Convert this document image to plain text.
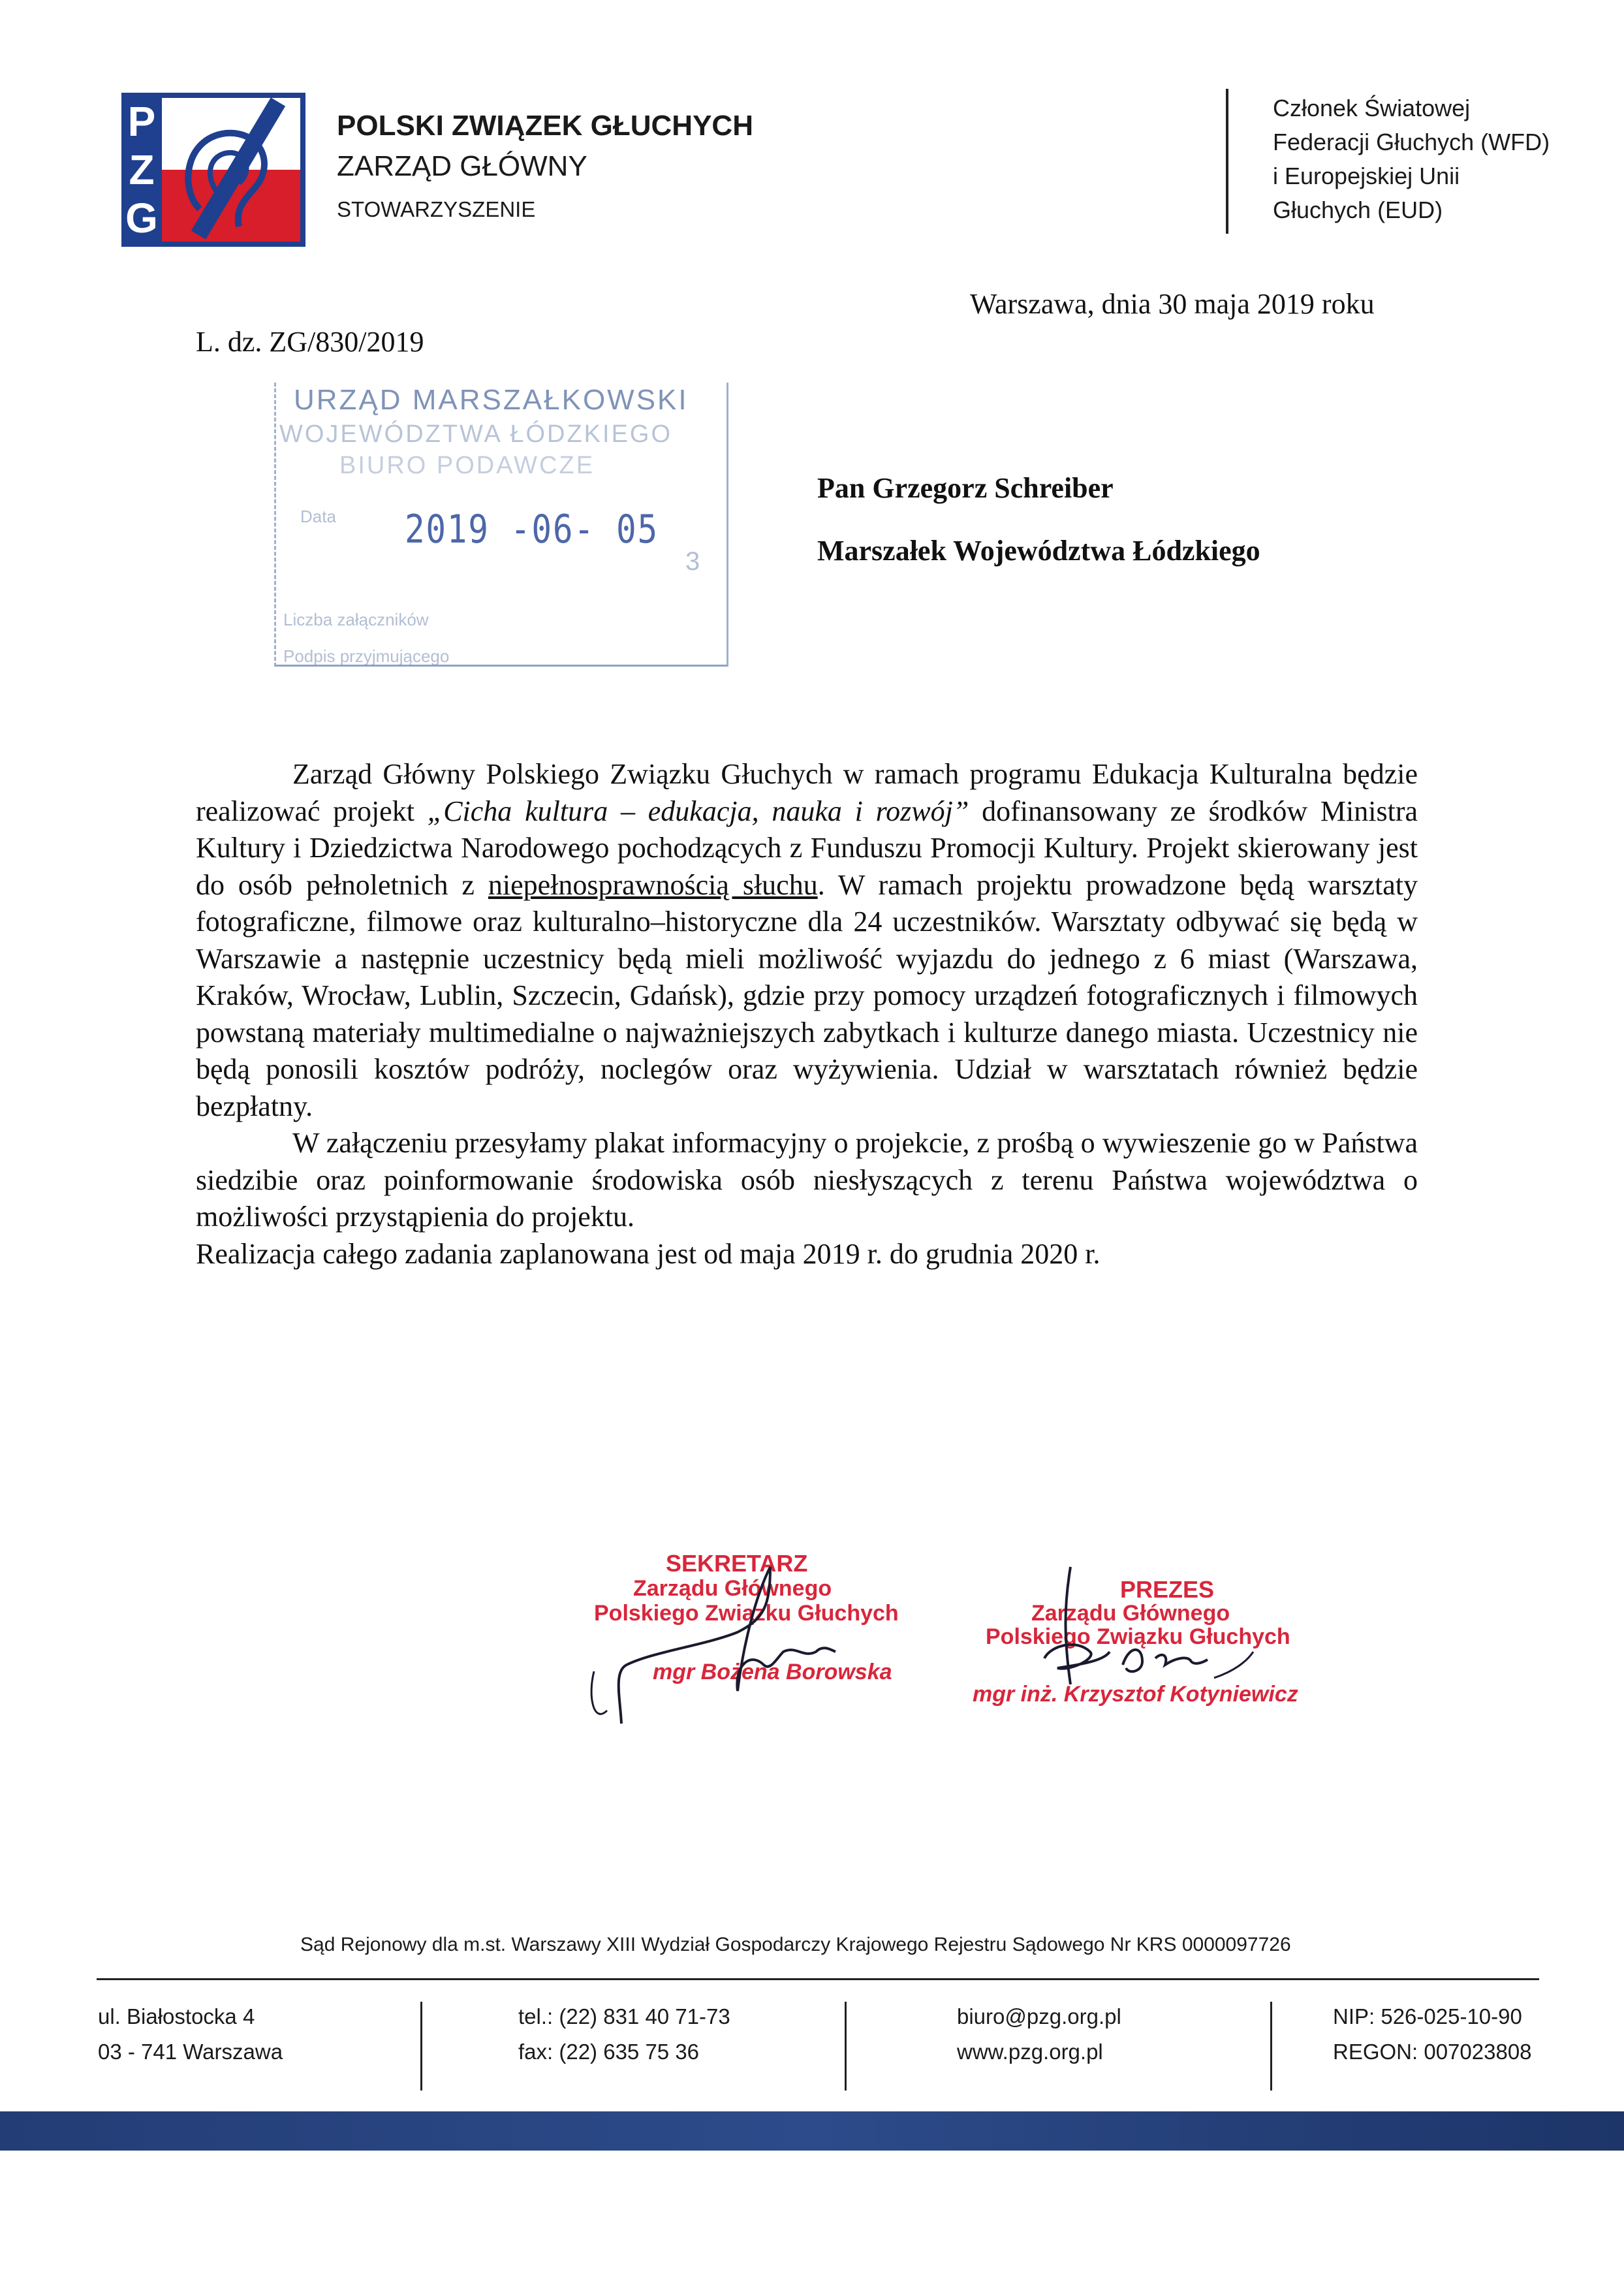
P
Z
G
POLSKI ZWIĄZEK GŁUCHYCH
ZARZĄD GŁÓWNY
STOWARZYSZENIE
Członek Światowej
Federacji Głuchych (WFD)
i Europejskiej Unii
Głuchych (EUD)
Warszawa, dnia 30 maja 2019 roku
L. dz. ZG/830/2019
URZĄD MARSZAŁKOWSKI
WOJEWÓDZTWA ŁÓDZKIEGO
BIURO PODAWCZE
Data 2019 -06- 05
3
Liczba załączników
Podpis przyjmującego
Pan Grzegorz Schreiber
Marszałek Województwa Łódzkiego

Zarząd Główny Polskiego Związku Głuchych w ramach programu Edukacja Kulturalna będzie realizować projekt „Cicha kultura – edukacja, nauka i rozwój” dofinansowany ze środków Ministra Kultury i Dziedzictwa Narodowego pochodzących z Funduszu Promocji Kultury. Projekt skierowany jest do osób pełnoletnich z niepełnosprawnością słuchu. W ramach projektu prowadzone będą warsztaty fotograficzne, filmowe oraz kulturalno–historyczne dla 24 uczestników. Warsztaty odbywać się będą w Warszawie a następnie uczestnicy będą mieli możliwość wyjazdu do jednego z 6 miast (Warszawa, Kraków, Wrocław, Lublin, Szczecin, Gdańsk), gdzie przy pomocy urządzeń fotograficznych i filmowych powstaną materiały multimedialne o najważniejszych zabytkach i kulturze danego miasta. Uczestnicy nie będą ponosili kosztów podróży, noclegów oraz wyżywienia. Udział w warsztatach również będzie bezpłatny.

W załączeniu przesyłamy plakat informacyjny o projekcie, z prośbą o wywieszenie go w Państwa siedzibie oraz poinformowanie środowiska osób niesłyszących z terenu Państwa województwa o możliwości przystąpienia do projektu.

Realizacja całego zadania zaplanowana jest od maja 2019 r. do grudnia 2020 r.

SEKRETARZ
Zarządu Głównego
Polskiego Związku Głuchych
mgr Bożena Borowska
PREZES
Zarządu Głównego
Polskiego Związku Głuchych
mgr inż. Krzysztof Kotyniewicz
Sąd Rejonowy dla m.st. Warszawy XIII Wydział Gospodarczy Krajowego Rejestru Sądowego Nr KRS 0000097726
ul. Białostocka 4
03 - 741 Warszawa
tel.: (22) 831 40 71-73
fax: (22) 635 75 36
biuro@pzg.org.pl
www.pzg.org.pl
NIP: 526-025-10-90
REGON: 007023808
